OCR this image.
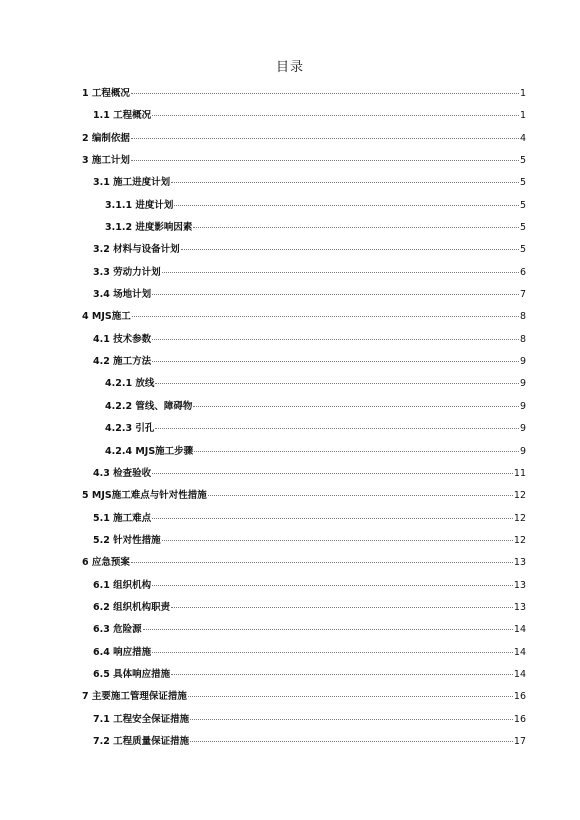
目录
1 工程概况	1
1.1 工程概况	1
2 编制依据	4
3 施工计划	5
3.1 施工进度计划	5
3.1.1 进度计划	5
3.1.2 进度影响因素	5
3.2 材料与设备计划	5
3.3 劳动力计划	6
3.4 场地计划	7
4 MJS施工	8
4.1 技术参数	8
4.2 施工方法	9
4.2.1 放线	9
4.2.2 管线、障碍物	9
4.2.3 引孔	9
4.2.4 MJS施工步骤	9
4.3 检查验收	11
5 MJS施工难点与针对性措施	12
5.1 施工难点	12
5.2 针对性措施	12
6 应急预案	13
6.1 组织机构	13
6.2 组织机构职责	13
6.3 危险源	14
6.4 响应措施	14
6.5 具体响应措施	14
7 主要施工管理保证措施	16
7.1 工程安全保证措施	16
7.2 工程质量保证措施	17
